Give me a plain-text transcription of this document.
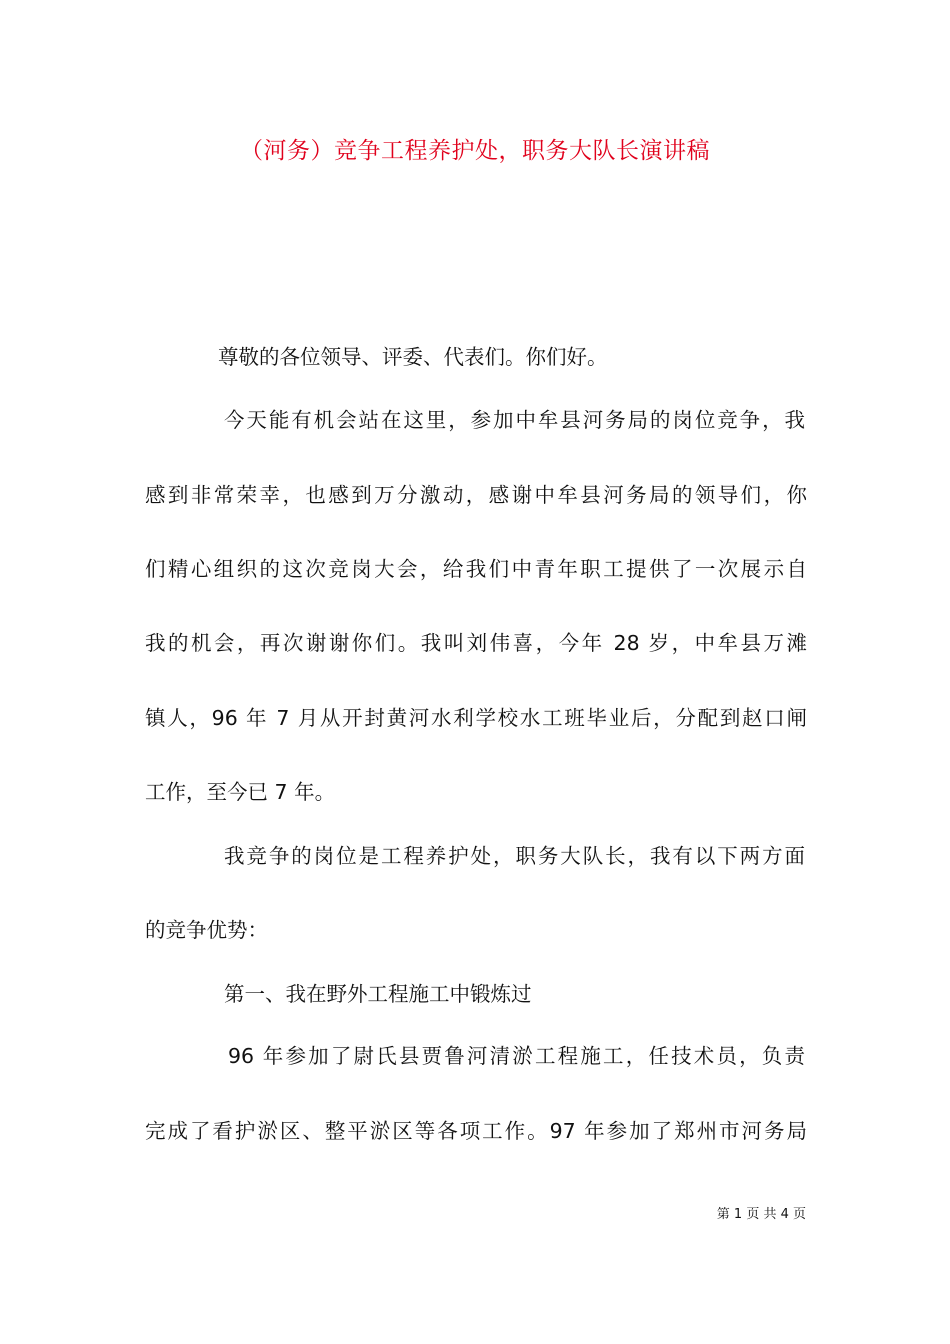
（河务）竞争工程养护处，职务大队长演讲稿
尊敬的各位领导、评委、代表们。你们好。
今天能有机会站在这里，参加中牟县河务局的岗位竞争，我
感到非常荣幸，也感到万分激动，感谢中牟县河务局的领导们，你
们精心组织的这次竞岗大会，给我们中青年职工提供了一次展示自
我的机会，再次谢谢你们。我叫刘伟喜，今年 28 岁，中牟县万滩
镇人，96 年 7 月从开封黄河水利学校水工班毕业后，分配到赵口闸
工作，至今已 7 年。
我竞争的岗位是工程养护处，职务大队长，我有以下两方面
的竞争优势：
第一、我在野外工程施工中锻炼过
96 年参加了尉氏县贾鲁河清淤工程施工，任技术员，负责
完成了看护淤区、整平淤区等各项工作。97 年参加了郑州市河务局
第 1 页 共 4 页
